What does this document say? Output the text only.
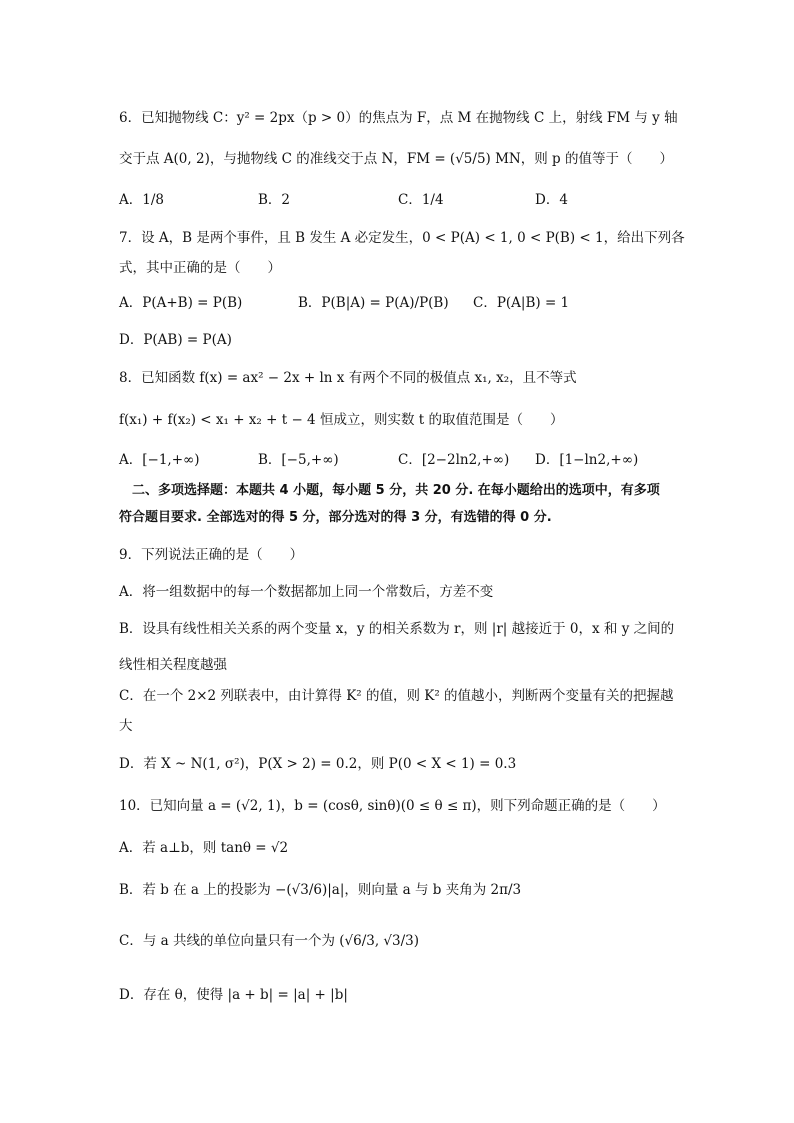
6．已知抛物线 C：y² = 2px（p > 0）的焦点为 F，点 M 在抛物线 C 上，射线 FM 与 y 轴
交于点 A(0, 2)，与抛物线 C 的准线交于点 N，FM = (√5/5) MN，则 p 的值等于（　　）
A．1/8	B．2	C．1/4	D．4
7．设 A，B 是两个事件，且 B 发生 A 必定发生，0 < P(A) < 1, 0 < P(B) < 1，给出下列各
式，其中正确的是（　　）
A．P(A+B) = P(B)	B．P(B|A) = P(A)/P(B) C．P(A|B) = 1
D．P(AB) = P(A)
8．已知函数 f(x) = ax² − 2x + ln x 有两个不同的极值点 x₁, x₂，且不等式
f(x₁) + f(x₂) < x₁ + x₂ + t − 4 恒成立，则实数 t 的取值范围是（　　）
A．[−1,+∞)	B．[−5,+∞)	C．[2−2ln2,+∞) D．[1−ln2,+∞)
二、多项选择题：本题共 4 小题，每小题 5 分，共 20 分. 在每小题给出的选项中，有多项
符合题目要求. 全部选对的得 5 分，部分选对的得 3 分，有选错的得 0 分.
9．下列说法正确的是（　　）
A．将一组数据中的每一个数据都加上同一个常数后，方差不变
B．设具有线性相关关系的两个变量 x，y 的相关系数为 r，则 |r| 越接近于 0，x 和 y 之间的
线性相关程度越强
C．在一个 2×2 列联表中，由计算得 K² 的值，则 K² 的值越小，判断两个变量有关的把握越
大
D．若 X ~ N(1, σ²)，P(X > 2) = 0.2，则 P(0 < X < 1) = 0.3
10．已知向量 a = (√2, 1)，b = (cosθ, sinθ)(0 ≤ θ ≤ π)，则下列命题正确的是（　　）
A．若 a⊥b，则 tanθ = √2
B．若 b 在 a 上的投影为 −(√3/6)|a|，则向量 a 与 b 夹角为 2π/3
C．与 a 共线的单位向量只有一个为 (√6/3, √3/3)
D．存在 θ，使得 |a + b| = |a| + |b|
